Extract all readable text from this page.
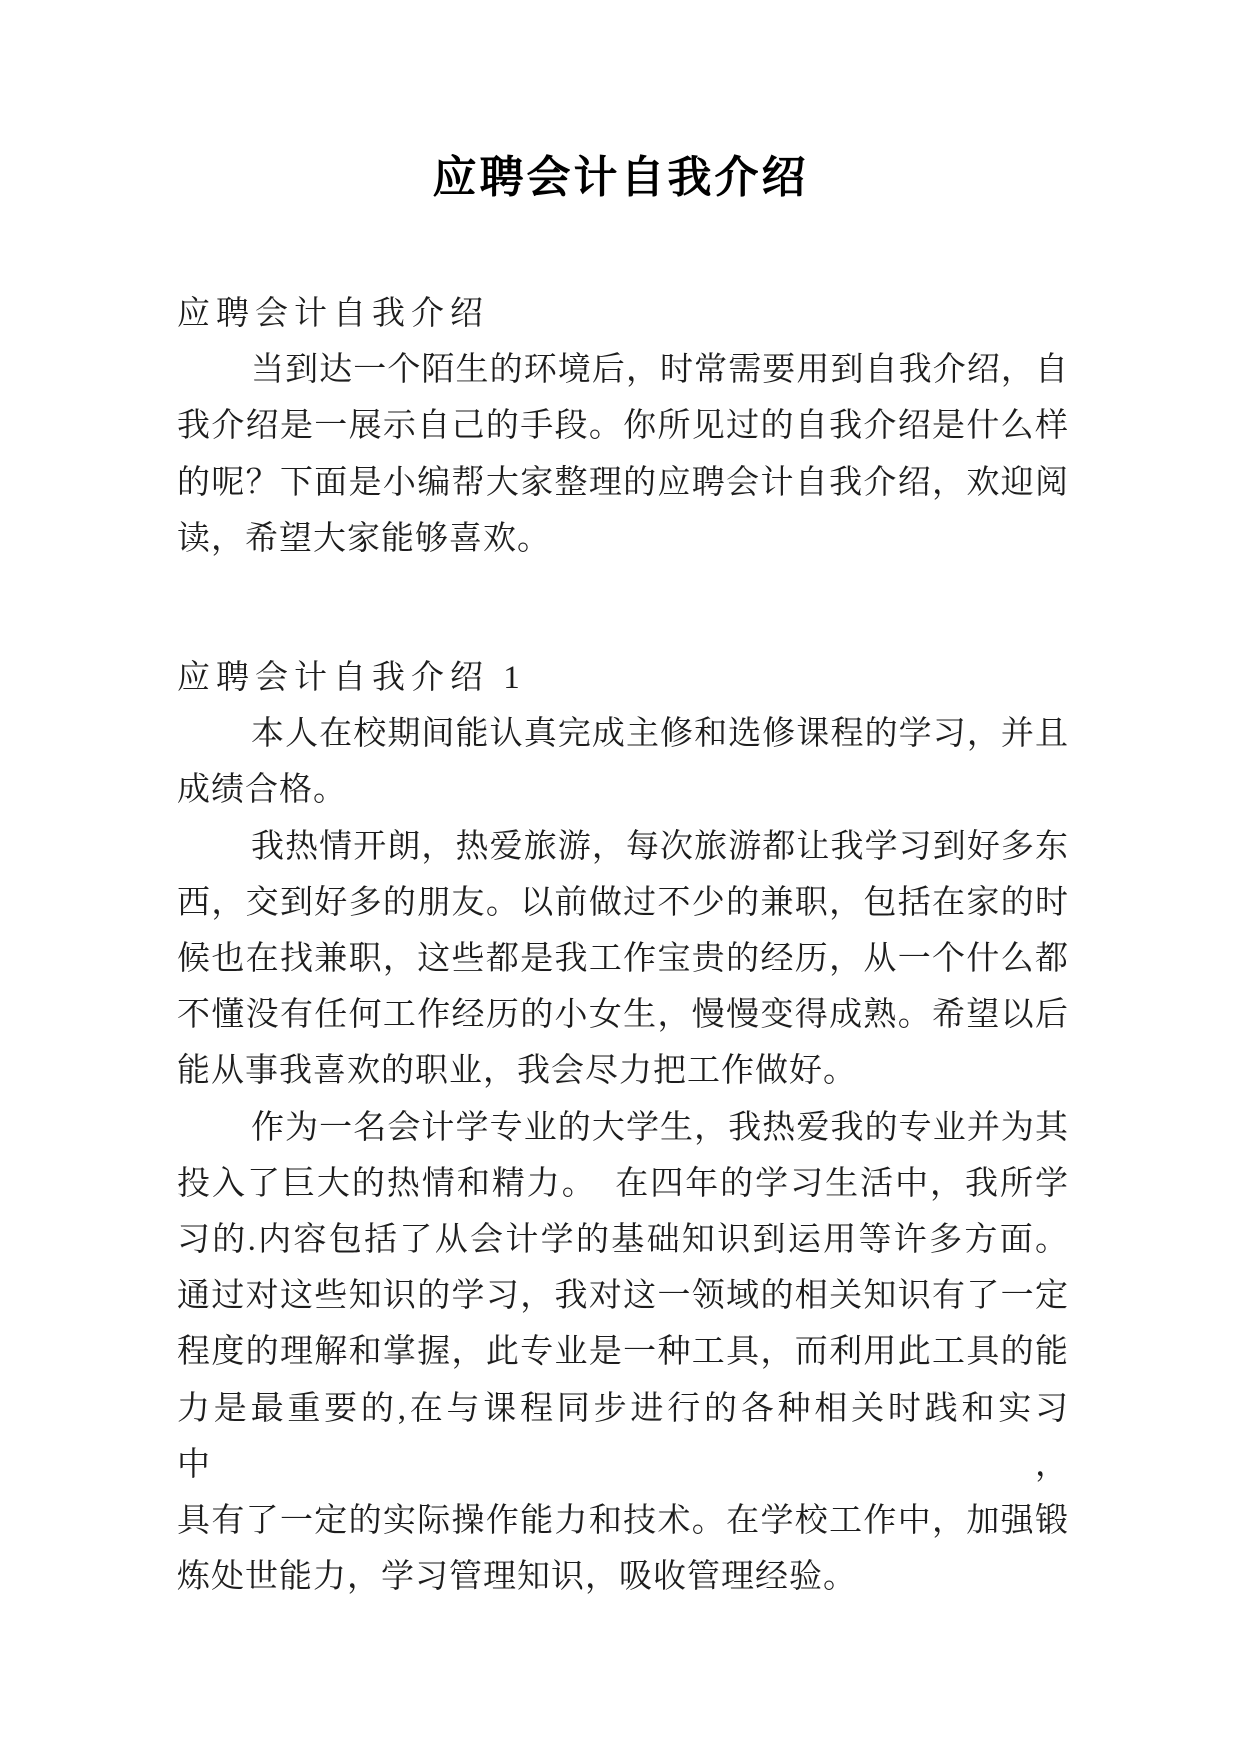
应聘会计自我介绍
应聘会计自我介绍
当到达一个陌生的环境后，时常需要用到自我介绍，自
我介绍是一展示自己的手段。你所见过的自我介绍是什么样
的呢？下面是小编帮大家整理的应聘会计自我介绍，欢迎阅
读，希望大家能够喜欢。
应聘会计自我介绍 1
本人在校期间能认真完成主修和选修课程的学习，并且
成绩合格。
我热情开朗，热爱旅游，每次旅游都让我学习到好多东
西，交到好多的朋友。以前做过不少的兼职，包括在家的时
候也在找兼职，这些都是我工作宝贵的经历，从一个什么都
不懂没有任何工作经历的小女生，慢慢变得成熟。希望以后
能从事我喜欢的职业，我会尽力把工作做好。
作为一名会计学专业的大学生，我热爱我的专业并为其
投入了巨大的热情和精力。　在四年的学习生活中，我所学
习的.内容包括了从会计学的基础知识到运用等许多方面。
通过对这些知识的学习，我对这一领域的相关知识有了一定
程度的理解和掌握，此专业是一种工具，而利用此工具的能
力是最重要的,在与课程同步进行的各种相关时践和实习中，
具有了一定的实际操作能力和技术。在学校工作中，加强锻
炼处世能力，学习管理知识，吸收管理经验。
